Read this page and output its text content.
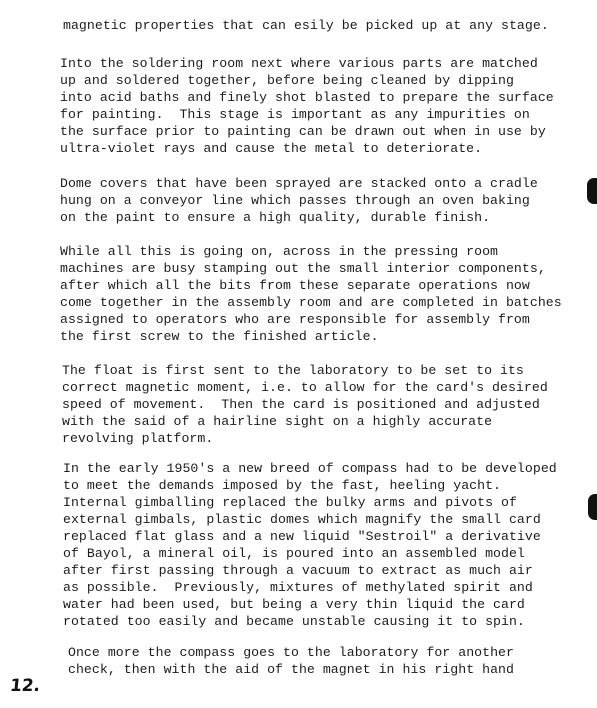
magnetic properties that can esily be picked up at any stage.
Into the soldering room next where various parts are matched
up and soldered together, before being cleaned by dipping
into acid baths and finely shot blasted to prepare the surface
for painting.  This stage is important as any impurities on
the surface prior to painting can be drawn out when in use by
ultra-violet rays and cause the metal to deteriorate.
Dome covers that have been sprayed are stacked onto a cradle
hung on a conveyor line which passes through an oven baking
on the paint to ensure a high quality, durable finish.
While all this is going on, across in the pressing room
machines are busy stamping out the small interior components,
after which all the bits from these separate operations now
come together in the assembly room and are completed in batches
assigned to operators who are responsible for assembly from
the first screw to the finished article.
The float is first sent to the laboratory to be set to its
correct magnetic moment, i.e. to allow for the card's desired
speed of movement.  Then the card is positioned and adjusted
with the said of a hairline sight on a highly accurate
revolving platform.
In the early 1950's a new breed of compass had to be developed
to meet the demands imposed by the fast, heeling yacht.
Internal gimballing replaced the bulky arms and pivots of
external gimbals, plastic domes which magnify the small card
replaced flat glass and a new liquid "Sestroil" a derivative
of Bayol, a mineral oil, is poured into an assembled model
after first passing through a vacuum to extract as much air
as possible.  Previously, mixtures of methylated spirit and
water had been used, but being a very thin liquid the card
rotated too easily and became unstable causing it to spin.
Once more the compass goes to the laboratory for another
check, then with the aid of the magnet in his right hand
12.
